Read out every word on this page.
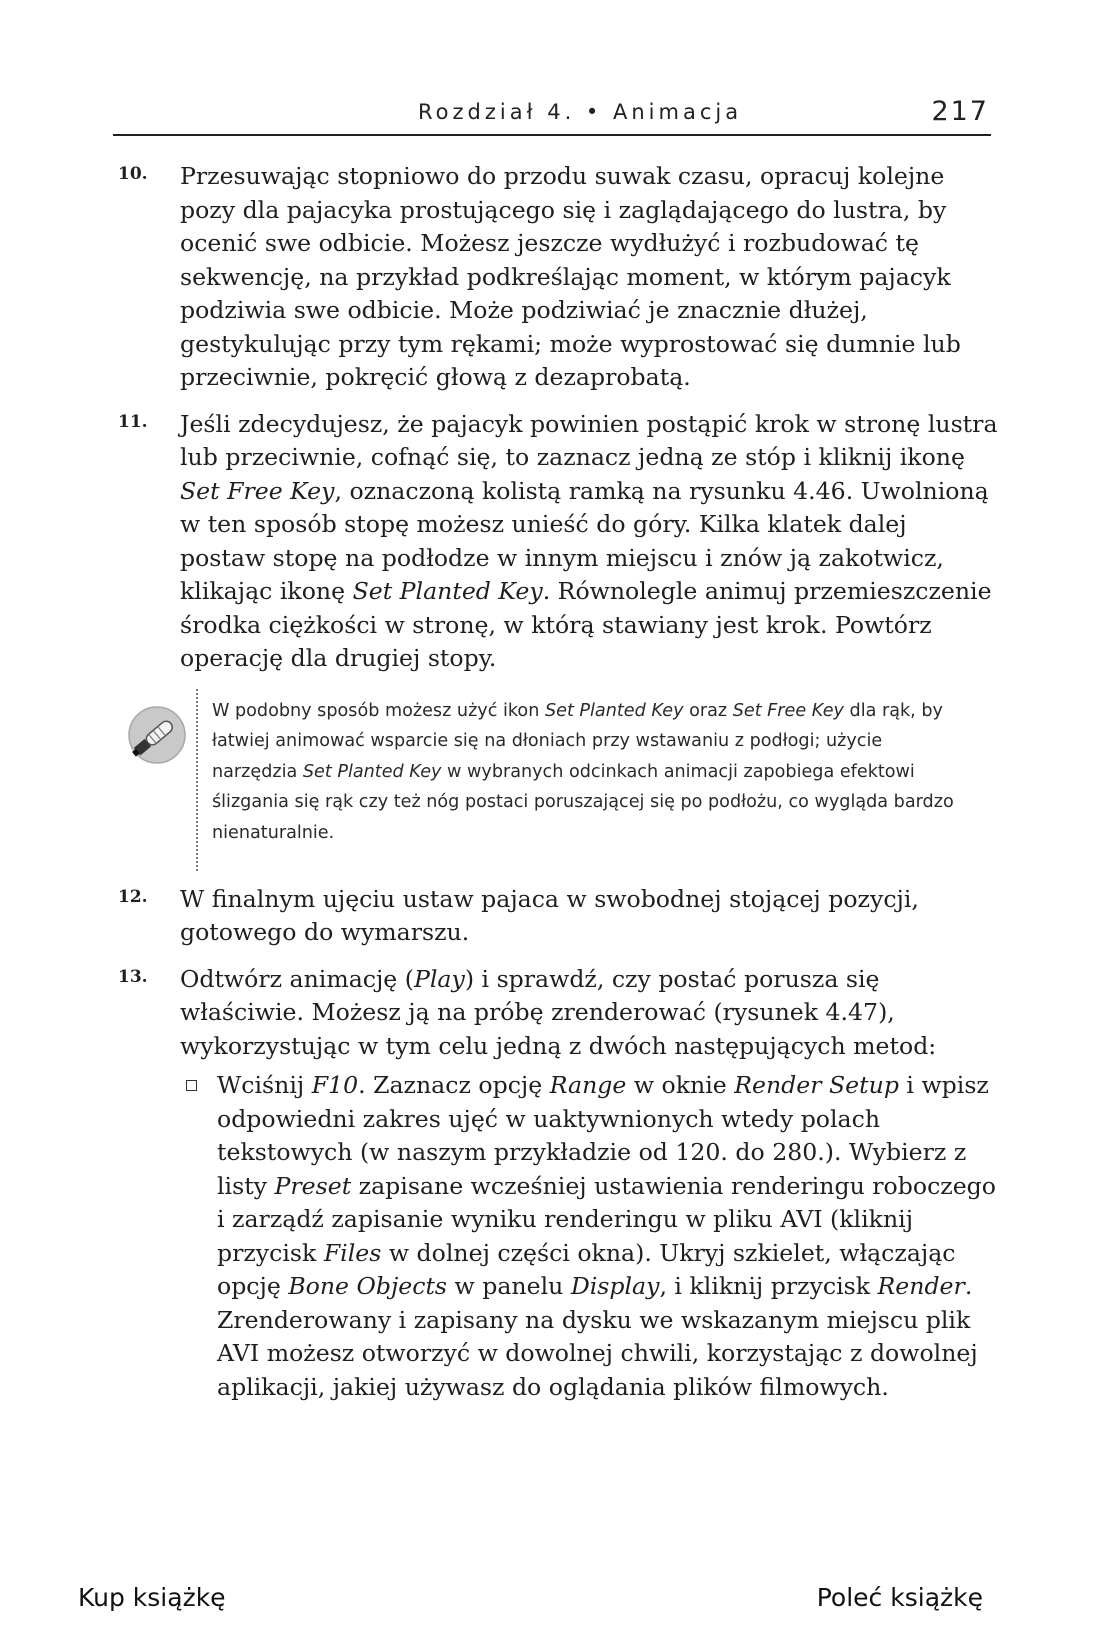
Rozdział 4. • Animacja	217
10. Przesuwając stopniowo do przodu suwak czasu, opracuj kolejne pozy dla pajacyka prostującego się i zaglądającego do lustra, by ocenić swe odbicie. Możesz jeszcze wydłużyć i rozbudować tę sekwencję, na przykład podkreślając moment, w którym pajacyk podziwia swe odbicie. Może podziwiać je znacznie dłużej, gestykulując przy tym rękami; może wyprostować się dumnie lub przeciwnie, pokręcić głową z dezaprobatą.

11. Jeśli zdecydujesz, że pajacyk powinien postąpić krok w stronę lustra lub przeciwnie, cofnąć się, to zaznacz jedną ze stóp i kliknij ikonę Set Free Key, oznaczoną kolistą ramką na rysunku 4.46. Uwolnioną w ten sposób stopę możesz unieść do góry. Kilka klatek dalej postaw stopę na podłodze w innym miejscu i znów ją zakotwicz, klikając ikonę Set Planted Key. Równolegle animuj przemieszczenie środka ciężkości w stronę, w którą stawiany jest krok. Powtórz operację dla drugiej stopy.

W podobny sposób możesz użyć ikon Set Planted Key oraz Set Free Key dla rąk, by łatwiej animować wsparcie się na dłoniach przy wstawaniu z podłogi; użycie narzędzia Set Planted Key w wybranych odcinkach animacji zapobiega efektowi ślizgania się rąk czy też nóg postaci poruszającej się po podłożu, co wygląda bardzo nienaturalnie.

12. W finalnym ujęciu ustaw pajaca w swobodnej stojącej pozycji, gotowego do wymarszu.

13. Odtwórz animację (Play) i sprawdź, czy postać porusza się właściwie. Możesz ją na próbę zrenderować (rysunek 4.47), wykorzystując w tym celu jedną z dwóch następujących metod:

Wciśnij F10. Zaznacz opcję Range w oknie Render Setup i wpisz odpowiedni zakres ujęć w uaktywnionych wtedy polach tekstowych (w naszym przykładzie od 120. do 280.). Wybierz z listy Preset zapisane wcześniej ustawienia renderingu roboczego i zarządź zapisanie wyniku renderingu w pliku AVI (kliknij przycisk Files w dolnej części okna). Ukryj szkielet, włączając opcję Bone Objects w panelu Display, i kliknij przycisk Render. Zrenderowany i zapisany na dysku we wskazanym miejscu plik AVI możesz otworzyć w dowolnej chwili, korzystając z dowolnej aplikacji, jakiej używasz do oglądania plików filmowych.

Kup książkę	Poleć książkę
